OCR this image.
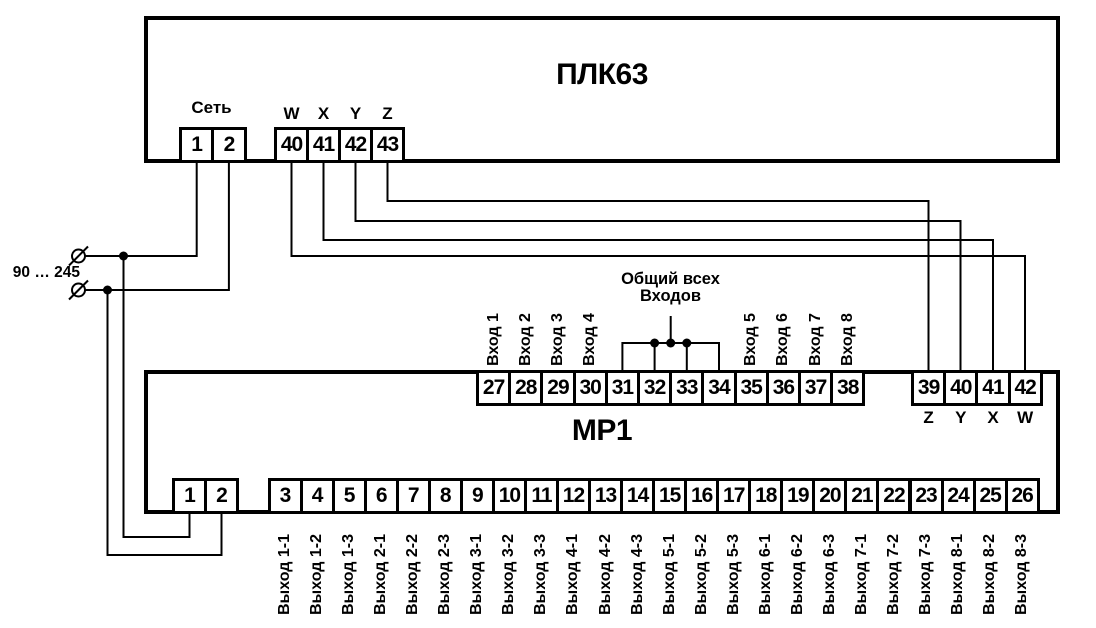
ПЛК63
МР1
Сеть
90 … 245	Общий всех
Входов
1	2	40 41 42 43
27 28 29 30 31 32 33 34 35 36 37 38	39 40 41 42
1	2	3	4	5	6	7	8	9 10 11 12 13 14 15 16 17 18 19 20 21 22 23 24 25 26
W	X	Y	Z
Z	Y	X	W
Вход 1 Вход 2 Вход 3 Вход 4	Вход 5 Вход 6 Вход 7 Вход 8
Выход 1-1 Выход 1-2 Выход 1-3 Выход 2-1 Выход 2-2 Выход 2-3 Выход 3-1 Выход 3-2 Выход 3-3 Выход 4-1 Выход 4-2 Выход 4-3 Выход 5-1 Выход 5-2 Выход 5-3 Выход 6-1 Выход 6-2 Выход 6-3 Выход 7-1 Выход 7-2 Выход 7-3 Выход 8-1 Выход 8-2 Выход 8-3
